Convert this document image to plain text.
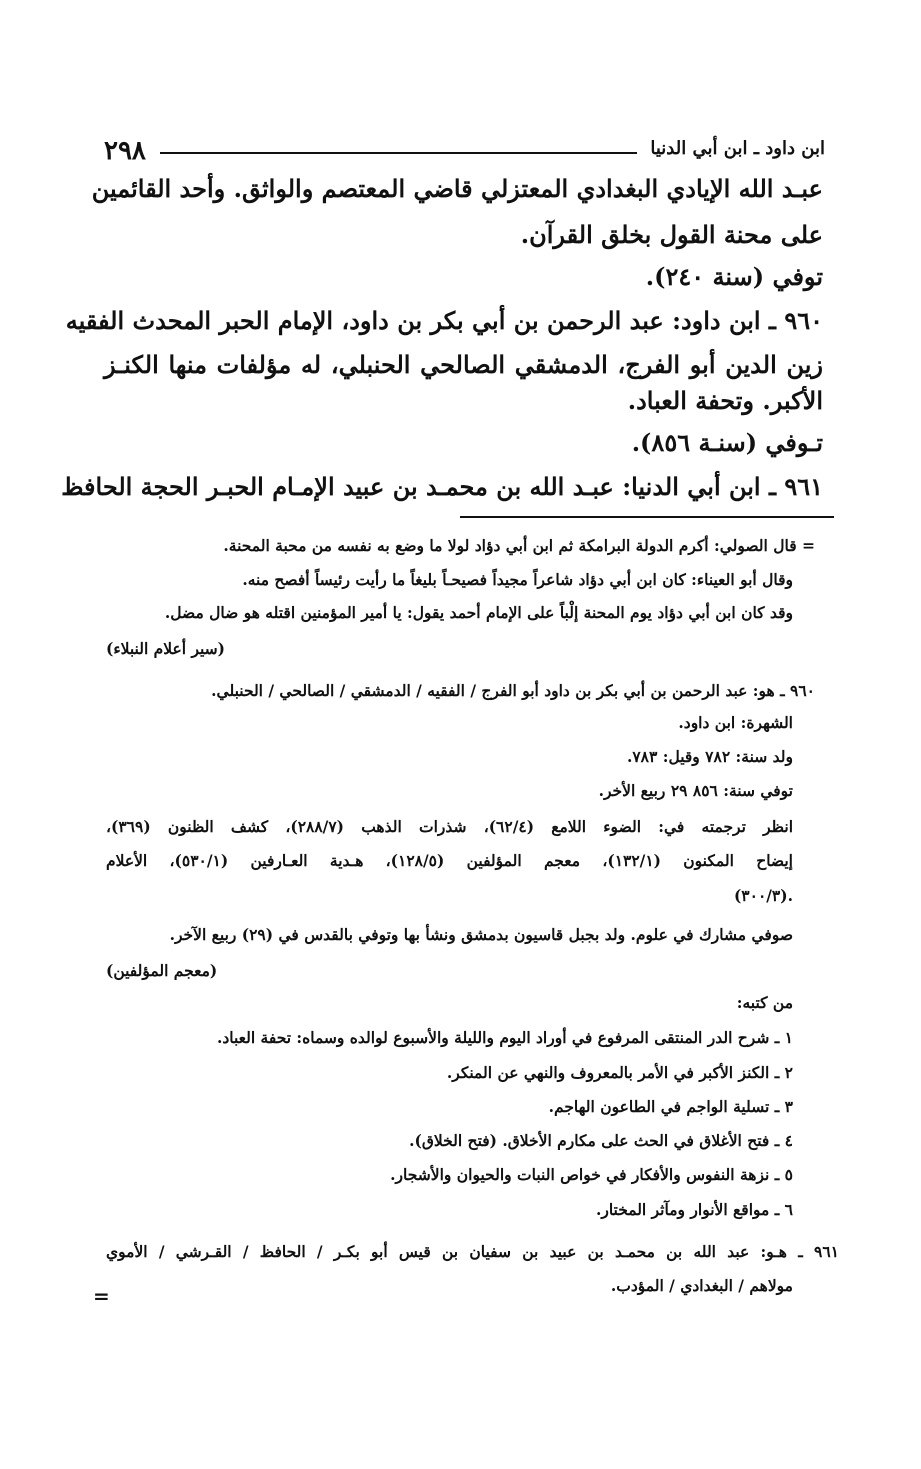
٢٩٨	ابن داود ـ ابن أبي الدنيا
عبـد الله الإيادي البغدادي المعتزلي قاضي المعتصم والواثق. وأحد القائمين
على محنة القول بخلق القرآن.
توفي (سنة ٢٤٠).
٩٦٠ ـ ابن داود: عبد الرحمن بن أبي بكر بن داود، الإمام الحبر المحدث الفقيه
زين الدين أبو الفرج، الدمشقي الصالحي الحنبلي، له مؤلفات منها الكنـز
الأكبر. وتحفة العباد.
تـوفي (سنـة ٨٥٦).
٩٦١ ـ ابن أبي الدنيا: عبـد الله بن محمـد بن عبيد الإمـام الحبـر الحجة الحافظ
= قال الصولي: أكرم الدولة البرامكة ثم ابن أبي دؤاد لولا ما وضع به نفسه من محبة المحنة.
وقال أبو العيناء: كان ابن أبي دؤاد شاعراً مجيداً فصيحـاً بليغاً ما رأيت رئيساً أفصح منه.
وقد كان ابن أبي دؤاد يوم المحنة إلْباً على الإمام أحمد يقول: يا أمير المؤمنين اقتله هو ضال مضل.
(سير أعلام النبلاء)
٩٦٠ ـ هو: عبد الرحمن بن أبي بكر بن داود أبو الفرج / الفقيه / الدمشقي / الصالحي / الحنبلي.
الشهرة: ابن داود.
ولد سنة: ٧٨٢ وقيل: ٧٨٣.
توفي سنة: ٨٥٦ ٢٩ ربيع الأخر.
انظر ترجمته في: الضوء اللامع (٦٢/٤)، شذرات الذهب (٢٨٨/٧)، كشف الظنون (٣٦٩)،
إيضاح المكنون (١٣٢/١)، معجم المؤلفين (١٢٨/٥)، هـدية العـارفين (٥٣٠/١)، الأعلام
(٣٠٠/٣).
صوفي مشارك في علوم. ولد بجبل قاسيون بدمشق ونشأ بها وتوفي بالقدس في (٢٩) ربيع الآخر.
(معجم المؤلفين)
من كتبه:
١ ـ شرح الدر المنتقى المرفوع في أوراد اليوم والليلة والأسبوع لوالده وسماه: تحفة العباد.
٢ ـ الكنز الأكبر في الأمر بالمعروف والنهي عن المنكر.
٣ ـ تسلية الواجم في الطاعون الهاجم.
٤ ـ فتح الأغلاق في الحث على مكارم الأخلاق. (فتح الخلاق).
٥ ـ نزهة النفوس والأفكار في خواص النبات والحيوان والأشجار.
٦ ـ مواقع الأنوار ومآثر المختار.
٩٦١ ـ هـو: عبد الله بن محمـد بن عبيد بن سفيان بن قيس أبو بكـر / الحافظ / القـرشي / الأموي
مولاهم / البغدادي / المؤدب.
=
